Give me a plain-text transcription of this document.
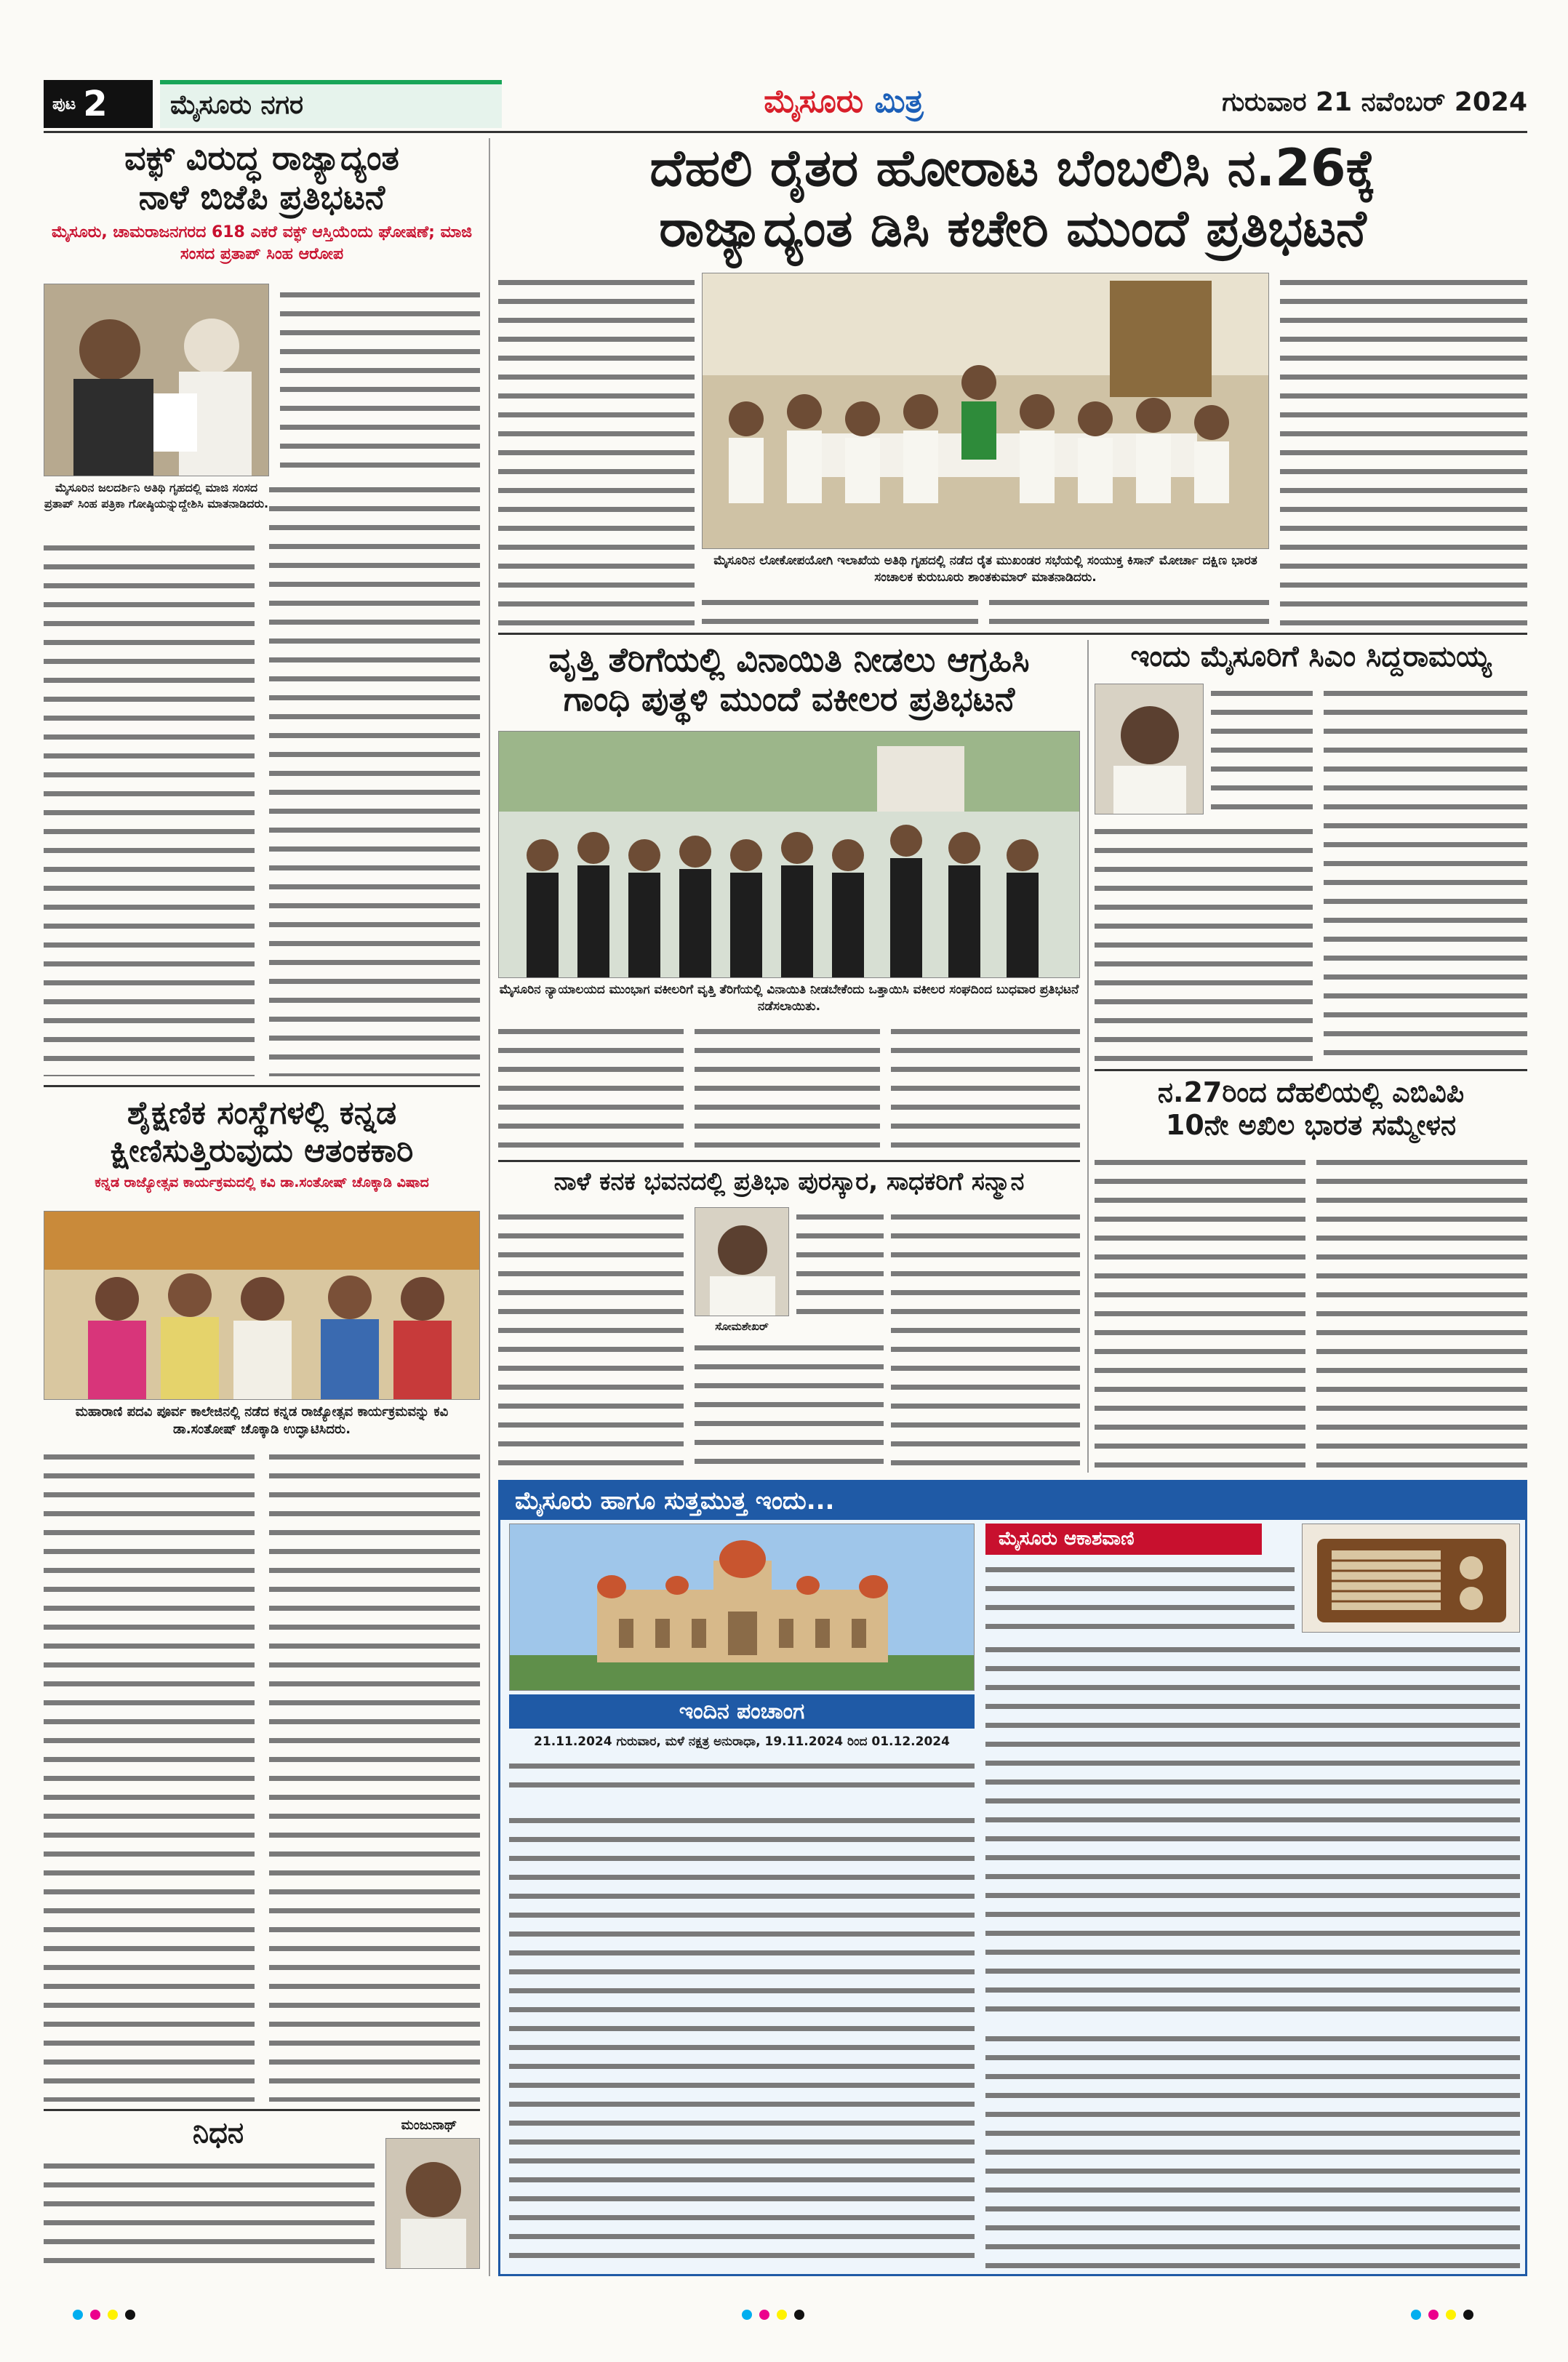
ಪುಟ 2	ಮೈಸೂರು ನಗರ	ಮೈಸೂರು ಮಿತ್ರ	ಗುರುವಾರ 21 ನವೆಂಬರ್ 2024
ವಕ್ಫ್ ವಿರುದ್ಧ ರಾಜ್ಯಾದ್ಯಂತ
ನಾಳೆ ಬಿಜೆಪಿ ಪ್ರತಿಭಟನೆ
ಮೈಸೂರು, ಚಾಮರಾಜನಗರದ 618 ಎಕರೆ ವಕ್ಫ್ ಆಸ್ತಿಯೆಂದು ಘೋಷಣೆ; ಮಾಜಿ ಸಂಸದ ಪ್ರತಾಪ್ ಸಿಂಹ ಆರೋಪ
ಮೈಸೂರಿನ ಜಲದರ್ಶಿನಿ ಅತಿಥಿ ಗೃಹದಲ್ಲಿ ಮಾಜಿ ಸಂಸದ ಪ್ರತಾಪ್ ಸಿಂಹ ಪತ್ರಿಕಾ ಗೋಷ್ಠಿಯನ್ನುದ್ದೇಶಿಸಿ ಮಾತನಾಡಿದರು.
ಶೈಕ್ಷಣಿಕ ಸಂಸ್ಥೆಗಳಲ್ಲಿ ಕನ್ನಡ
ಕ್ಷೀಣಿಸುತ್ತಿರುವುದು ಆತಂಕಕಾರಿ
ಕನ್ನಡ ರಾಜ್ಯೋತ್ಸವ ಕಾರ್ಯಕ್ರಮದಲ್ಲಿ ಕವಿ ಡಾ.ಸಂತೋಷ್ ಚೊಕ್ಕಾಡಿ ವಿಷಾದ
ಮಹಾರಾಣಿ ಪದವಿ ಪೂರ್ವ ಕಾಲೇಜಿನಲ್ಲಿ ನಡೆದ ಕನ್ನಡ ರಾಜ್ಯೋತ್ಸವ ಕಾರ್ಯಕ್ರಮವನ್ನು ಕವಿ ಡಾ.ಸಂತೋಷ್ ಚೊಕ್ಕಾಡಿ ಉದ್ಘಾಟಿಸಿದರು.
ನಿಧನ	ಮಂಜುನಾಥ್
ದೆಹಲಿ ರೈತರ ಹೋರಾಟ ಬೆಂಬಲಿಸಿ ನ.26ಕ್ಕೆ
ರಾಜ್ಯಾದ್ಯಂತ ಡಿಸಿ ಕಚೇರಿ ಮುಂದೆ ಪ್ರತಿಭಟನೆ
ಮೈಸೂರಿನ ಲೋಕೋಪಯೋಗಿ ಇಲಾಖೆಯ ಅತಿಥಿ ಗೃಹದಲ್ಲಿ ನಡೆದ ರೈತ ಮುಖಂಡರ ಸಭೆಯಲ್ಲಿ ಸಂಯುಕ್ತ ಕಿಸಾನ್ ಮೋರ್ಚಾ ದಕ್ಷಿಣ ಭಾರತ ಸಂಚಾಲಕ ಕುರುಬೂರು ಶಾಂತಕುಮಾರ್ ಮಾತನಾಡಿದರು.
ವೃತ್ತಿ ತೆರಿಗೆಯಲ್ಲಿ ವಿನಾಯಿತಿ ನೀಡಲು ಆಗ್ರಹಿಸಿ
ಗಾಂಧಿ ಪುತ್ಥಳಿ ಮುಂದೆ ವಕೀಲರ ಪ್ರತಿಭಟನೆ
ಮೈಸೂರಿನ ನ್ಯಾಯಾಲಯದ ಮುಂಭಾಗ ವಕೀಲರಿಗೆ ವೃತ್ತಿ ತೆರಿಗೆಯಲ್ಲಿ ವಿನಾಯಿತಿ ನೀಡಬೇಕೆಂದು ಒತ್ತಾಯಿಸಿ ವಕೀಲರ ಸಂಘದಿಂದ ಬುಧವಾರ ಪ್ರತಿಭಟನೆ ನಡೆಸಲಾಯಿತು.
ಇಂದು ಮೈಸೂರಿಗೆ ಸಿಎಂ ಸಿದ್ದರಾಮಯ್ಯ
ನ.27ರಿಂದ ದೆಹಲಿಯಲ್ಲಿ ಎಬಿವಿಪಿ
10ನೇ ಅಖಿಲ ಭಾರತ ಸಮ್ಮೇಳನ
ನಾಳೆ ಕನಕ ಭವನದಲ್ಲಿ ಪ್ರತಿಭಾ ಪುರಸ್ಕಾರ, ಸಾಧಕರಿಗೆ ಸನ್ಮಾನ
ಸೋಮಶೇಖರ್
ಮೈಸೂರು ಹಾಗೂ ಸುತ್ತಮುತ್ತ ಇಂದು...
ಇಂದಿನ ಪಂಚಾಂಗ
21.11.2024 ಗುರುವಾರ, ಮಳೆ ನಕ್ಷತ್ರ ಅನುರಾಧಾ, 19.11.2024 ರಿಂದ 01.12.2024
ಮೈಸೂರು ಆಕಾಶವಾಣಿ
